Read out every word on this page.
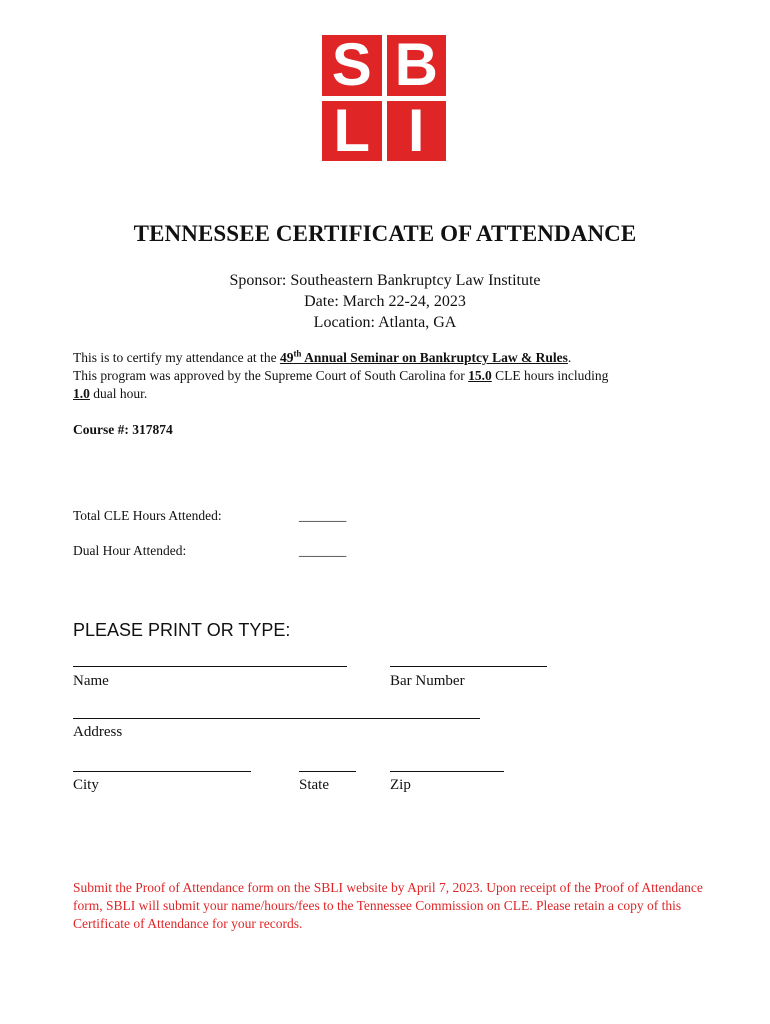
S B
L I
TENNESSEE CERTIFICATE OF ATTENDANCE
Sponsor: Southeastern Bankruptcy Law Institute
Date: March 22-24, 2023
Location: Atlanta, GA
This is to certify my attendance at the 49th Annual Seminar on Bankruptcy Law & Rules.
This program was approved by the Supreme Court of South Carolina for 15.0 CLE hours including
1.0 dual hour.
Course #: 317874
Total CLE Hours Attended:	_______
Dual Hour Attended:	_______
PLEASE PRINT OR TYPE:
Name	Bar Number
Address
City	State	Zip
Submit the Proof of Attendance form on the SBLI website by April 7, 2023. Upon receipt of the Proof of Attendance form, SBLI will submit your name/hours/fees to the Tennessee Commission on CLE. Please retain a copy of this Certificate of Attendance for your records.
